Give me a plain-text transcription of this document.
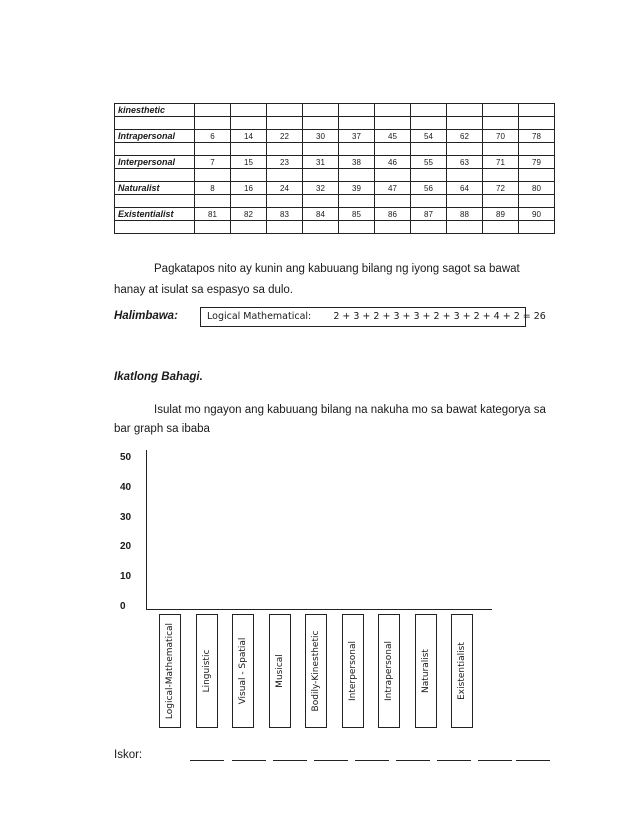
kinesthetic										

Intrapersonal	6	14	22	30	37	45	54	62	70	78

Interpersonal	7	15	23	31	38	46	55	63	71	79

Naturalist	8	16	24	32	39	47	56	64	72	80

Existentialist	81	82	83	84	85	86	87	88	89	90

Pagkatapos nito ay kunin ang kabuuang bilang ng iyong sagot sa bawat
hanay at isulat sa espasyo sa dulo.
Halimbawa:	Logical Mathematical: 2 + 3 + 2 + 3 + 3 + 2 + 3 + 2 + 4 + 2 = 26
Ikatlong Bahagi.
Isulat mo ngayon ang kabuuang bilang na nakuha mo sa bawat kategorya sa
bar graph sa ibaba
50
40
30
20
10
0
Logical-Mathematical	Linguistic	Visual - Spatial	Musical	Bodily-Kinesthetic	Interpersonal	Intrapersonal	Naturalist	Existentialist
Iskor:
